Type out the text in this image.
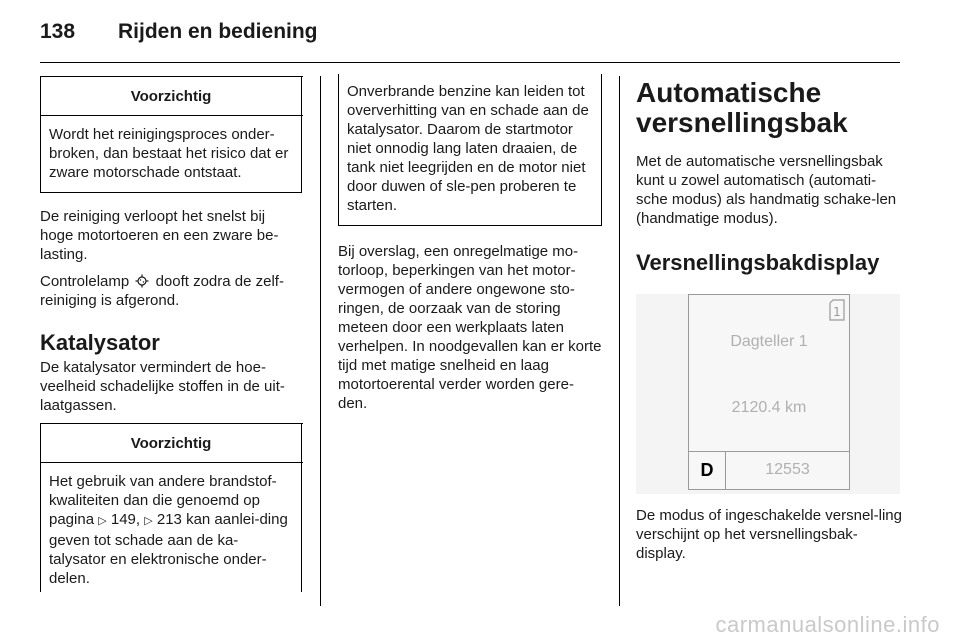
138 Rijden en bediening
Voorzichtig
Wordt het reinigingsproces onder-broken, dan bestaat het risico dat er zware motorschade ontstaat.

De reiniging verloopt het snelst bij hoge motortoeren en een zware be-lasting.

Controlelamp dooft zodra de zelf-reiniging is afgerond.

Katalysator

De katalysator vermindert de hoe-veelheid schadelijke stoffen in de uit-laatgassen.

Voorzichtig
Het gebruik van andere brandstof-kwaliteiten dan die genoemd op pagina ▷ 149, ▷ 213 kan aanlei-ding geven tot schade aan de ka-talysator en elektronische onder-delen.
Onverbrande benzine kan leiden tot oververhitting van en schade aan de katalysator. Daarom de startmotor niet onnodig lang laten draaien, de tank niet leegrijden en de motor niet door duwen of sle-pen proberen te starten.

Bij overslag, een onregelmatige mo-torloop, beperkingen van het motor-vermogen of andere ongewone sto-ringen, de oorzaak van de storing meteen door een werkplaats laten verhelpen. In noodgevallen kan er korte tijd met matige snelheid en laag motortoerental verder worden gere-den.

Automatische
versnellingsbak

Met de automatische versnellingsbak kunt u zowel automatisch (automati-sche modus) als handmatig schake-len (handmatige modus).

Versnellingsbakdisplay
1
Dagteller 1
2120.4 km
D	12553

De modus of ingeschakelde versnel-ling verschijnt op het versnellingsbak-display.

carmanualsonline.info
